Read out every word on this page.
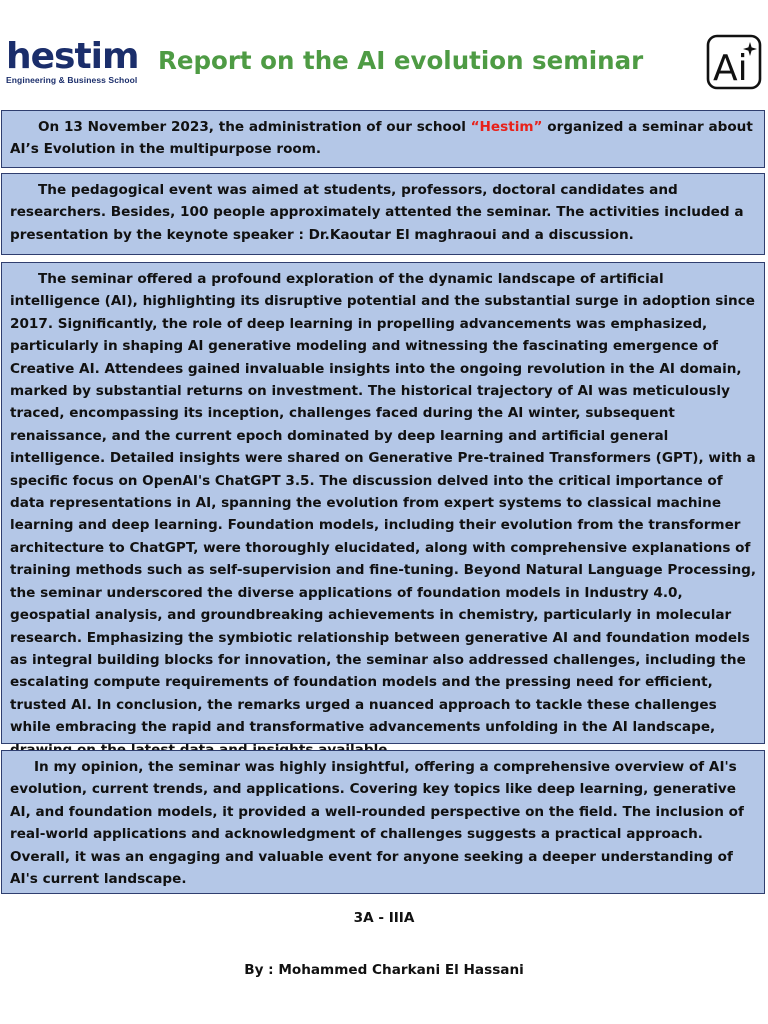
hestim
Engineering & Business School
Report on the AI evolution seminar Ai

On 13 November 2023, the administration of our school “Hestim” organized a seminar about AI’s Evolution in the multipurpose room.

The pedagogical event was aimed at students, professors, doctoral candidates and researchers. Besides, 100 people approximately attented the seminar. The activities included a presentation by the keynote speaker : Dr.Kaoutar El maghraoui and a discussion.

The seminar offered a profound exploration of the dynamic landscape of artificial intelligence (AI), highlighting its disruptive potential and the substantial surge in adoption since 2017. Significantly, the role of deep learning in propelling advancements was emphasized, particularly in shaping AI generative modeling and witnessing the fascinating emergence of Creative AI. Attendees gained invaluable insights into the ongoing revolution in the AI domain, marked by substantial returns on investment. The historical trajectory of AI was meticulously traced, encompassing its inception, challenges faced during the AI winter, subsequent renaissance, and the current epoch dominated by deep learning and artificial general intelligence. Detailed insights were shared on Generative Pre-trained Transformers (GPT), with a specific focus on OpenAI's ChatGPT 3.5. The discussion delved into the critical importance of data representations in AI, spanning the evolution from expert systems to classical machine learning and deep learning. Foundation models, including their evolution from the transformer architecture to ChatGPT, were thoroughly elucidated, along with comprehensive explanations of training methods such as self-supervision and fine-tuning. Beyond Natural Language Processing, the seminar underscored the diverse applications of foundation models in Industry 4.0, geospatial analysis, and groundbreaking achievements in chemistry, particularly in molecular research. Emphasizing the symbiotic relationship between generative AI and foundation models as integral building blocks for innovation, the seminar also addressed challenges, including the escalating compute requirements of foundation models and the pressing need for efficient, trusted AI. In conclusion, the remarks urged a nuanced approach to tackle these challenges while embracing the rapid and transformative advancements unfolding in the AI landscape,

In my opinion, the seminar was highly insightful, offering a comprehensive overview of AI's evolution, current trends, and applications. Covering key topics like deep learning, generative AI, and foundation models, it provided a well-rounded perspective on the field. The inclusion of real-world applications and acknowledgment of challenges suggests a practical approach. Overall, it was an engaging and valuable event for anyone seeking a deeper understanding of AI's current landscape.

3A - IIIA
By : Mohammed Charkani El Hassani
